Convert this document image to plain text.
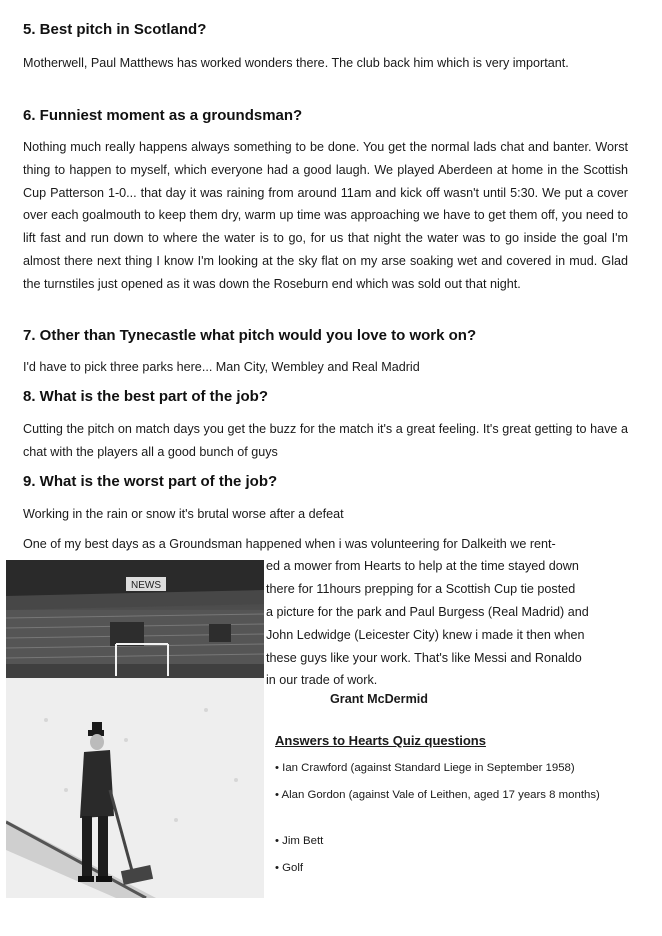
5. Best pitch in Scotland?

Motherwell, Paul Matthews has worked wonders there. The club back him which is very important.

6. Funniest moment as a groundsman?

Nothing much really happens always something to be done. You get the normal lads chat and banter. Worst thing to happen to myself, which everyone had a good laugh. We played Aberdeen at home in the Scottish Cup Patterson 1-0... that day it was raining from around 11am and kick off wasn't until 5:30. We put a cover over each goalmouth to keep them dry, warm up time was approaching we have to get them off, you need to lift fast and run down to where the water is to go, for us that night the water was to go inside the goal I'm almost there next thing I know I'm looking at the sky flat on my arse soaking wet and covered in mud. Glad the turnstiles just opened as it was down the Roseburn end which was sold out that night.

7. Other than Tynecastle what pitch would you love to work on?

I'd have to pick three parks here... Man City, Wembley and Real Madrid

8. What is the best part of the job?

Cutting the pitch on match days you get the buzz for the match it's a great feeling. It's great getting to have a chat with the players all a good bunch of guys

9. What is the worst part of the job?

Working in the rain or snow it's brutal worse after a defeat

One of my best days as a Groundsman happened when i was volunteering for Dalkeith we rent-

NEWS
ed a mower from Hearts to help at the time stayed down
there for 11hours prepping for a Scottish Cup tie posted
a picture for the park and Paul Burgess (Real Madrid) and
John Ledwidge (Leicester City) knew i made it then when
these guys like your work. That's like Messi and Ronaldo
in our trade of work.
Grant McDermid
Answers to Hearts Quiz questions

• Ian Crawford (against Standard Liege in September 1958)

• Alan Gordon (against Vale of Leithen, aged 17 years 8 months)

• Jim Bett

• Golf
